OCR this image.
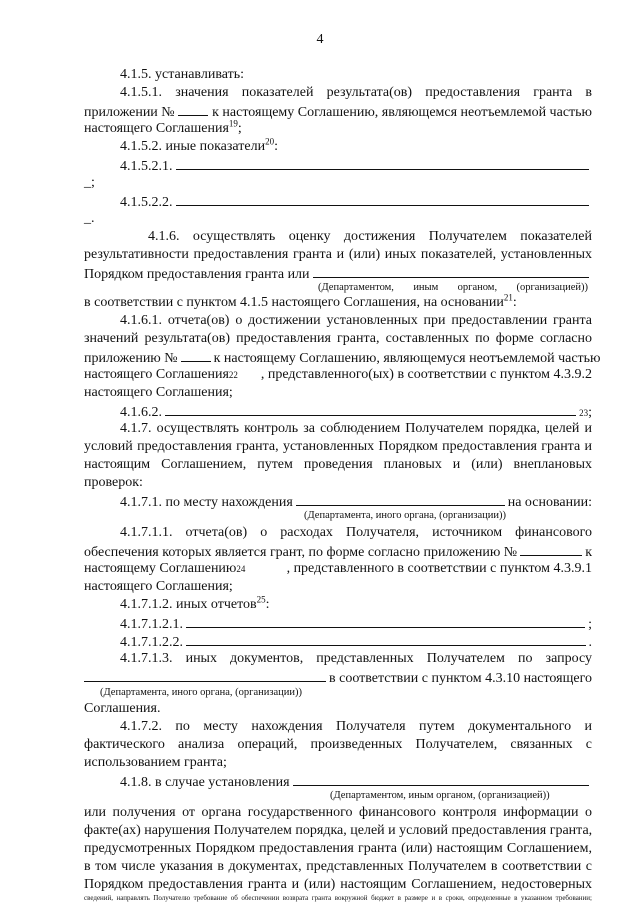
4
4.1.5. устанавливать:
4.1.5.1. значения показателей результата(ов) предоставления гранта в
приложении №	к настоящему Соглашению, являющемся неотъемлемой частью
настоящего Соглашения$^{19}$;
4.1.5.2. иные показатели$^{20}$:
4.1.5.2.1.
_;
4.1.5.2.2.
_.
4.1.6. осуществлять оценку достижения Получателем показателей
результативности предоставления гранта и (или) иных показателей, установленных
Порядком предоставления гранта или
(Департаментом, иным органом, (организацией))
в соответствии с пунктом 4.1.5 настоящего Соглашения, на основании$^{21}$:
4.1.6.1. отчета(ов) о достижении установленных при предоставлении гранта
значений результата(ов) предоставления гранта, составленных по форме согласно
приложению №	к настоящему Соглашению, являющемуся неотъемлемой частью
настоящего Соглашения 22	, представленного(ых) в соответствии с пунктом 4.3.9.2
настоящего Соглашения;
4.1.6.2.	23 ;
4.1.7. осуществлять контроль за соблюдением Получателем порядка, целей и
условий предоставления гранта, установленных Порядком предоставления гранта и
настоящим Соглашением, путем проведения плановых и (или) внеплановых
проверок:
4.1.7.1. по месту нахождения	на основании:
(Департамента, иного органа, (организации))
4.1.7.1.1. отчета(ов) о расходах Получателя, источником финансового
обеспечения которых является грант, по форме согласно приложению №	к
настоящему Соглашению 24	, представленного в соответствии с пунктом 4.3.9.1
настоящего Соглашения;
4.1.7.1.2. иных отчетов$^{25}$:
4.1.7.1.2.1.	;
4.1.7.1.2.2.	.
4.1.7.1.3. иных документов, представленных Получателем по запросу
в соответствии с пунктом 4.3.10 настоящего
(Департамента, иного органа, (организации))
Соглашения.
4.1.7.2. по месту нахождения Получателя путем документального и
фактического анализа операций, произведенных Получателем, связанных с
использованием гранта;
4.1.8. в случае установления
(Департаментом, иным органом, (организацией))
или получения от органа государственного финансового контроля информации о
факте(ах) нарушения Получателем порядка, целей и условий предоставления гранта,
предусмотренных Порядком предоставления гранта (или) настоящим Соглашением,
в том числе указания в документах, представленных Получателем в соответствии с
Порядком предоставления гранта и (или) настоящим Соглашением, недостоверных
сведений, направлять Получателю требование об обеспечении возврата гранта вокружной бюджет в размере и в сроки, определенные в указанном требовании;
